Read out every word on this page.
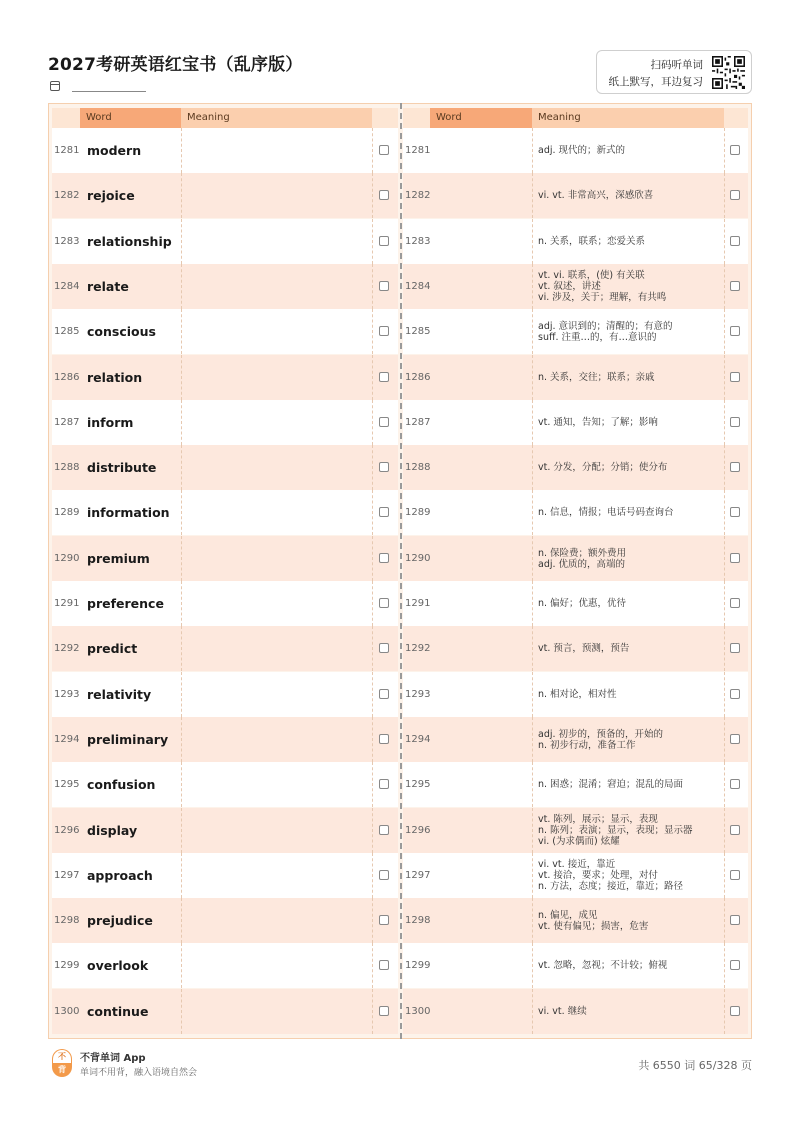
2027考研英语红宝书（乱序版）	扫码听单词
纸上默写，耳边复习
Word	Meaning	Word	Meaning
1281 modern	1281	adj. 现代的；新式的
1282 rejoice	1282	vi. vt. 非常高兴，深感欣喜
1283 relationship	1283	n. 关系，联系；恋爱关系
1284 relate	1284
vt. vi. 联系，(使) 有关联
vt. 叙述，讲述
vi. 涉及，关于；理解，有共鸣
1285 conscious	1285	adj. 意识到的；清醒的；有意的
suff. 注重…的，有…意识的
1286 relation	1286	n. 关系，交往；联系；亲戚
1287 inform	1287	vt. 通知，告知；了解；影响
1288 distribute	1288	vt. 分发，分配；分销；使分布
1289 information	1289	n. 信息，情报；电话号码查询台
1290 premium	1290	n. 保险费；额外费用
adj. 优质的，高端的
1291 preference	1291	n. 偏好；优惠，优待
1292 predict	1292	vt. 预言，预测，预告
1293 relativity	1293	n. 相对论，相对性
1294 preliminary	1294	adj. 初步的，预备的，开始的
n. 初步行动，准备工作
1295 confusion	1295	n. 困惑；混淆；窘迫；混乱的局面
1296 display	1296
vt. 陈列，展示；显示，表现
n. 陈列；表演；显示，表现；显示器
vi. (为求偶而) 炫耀
1297 approach	1297
vi. vt. 接近，靠近
vt. 接洽，要求；处理，对付
n. 方法，态度；接近，靠近；路径
1298 prejudice	1298	n. 偏见，成见
vt. 使有偏见；损害，危害
1299 overlook	1299	vt. 忽略，忽视；不计较；俯视
1300 continue	1300	vi. vt. 继续
不
背
不背单词 App
单词不用背，融入语境自然会
共 6550 词 65/328 页
